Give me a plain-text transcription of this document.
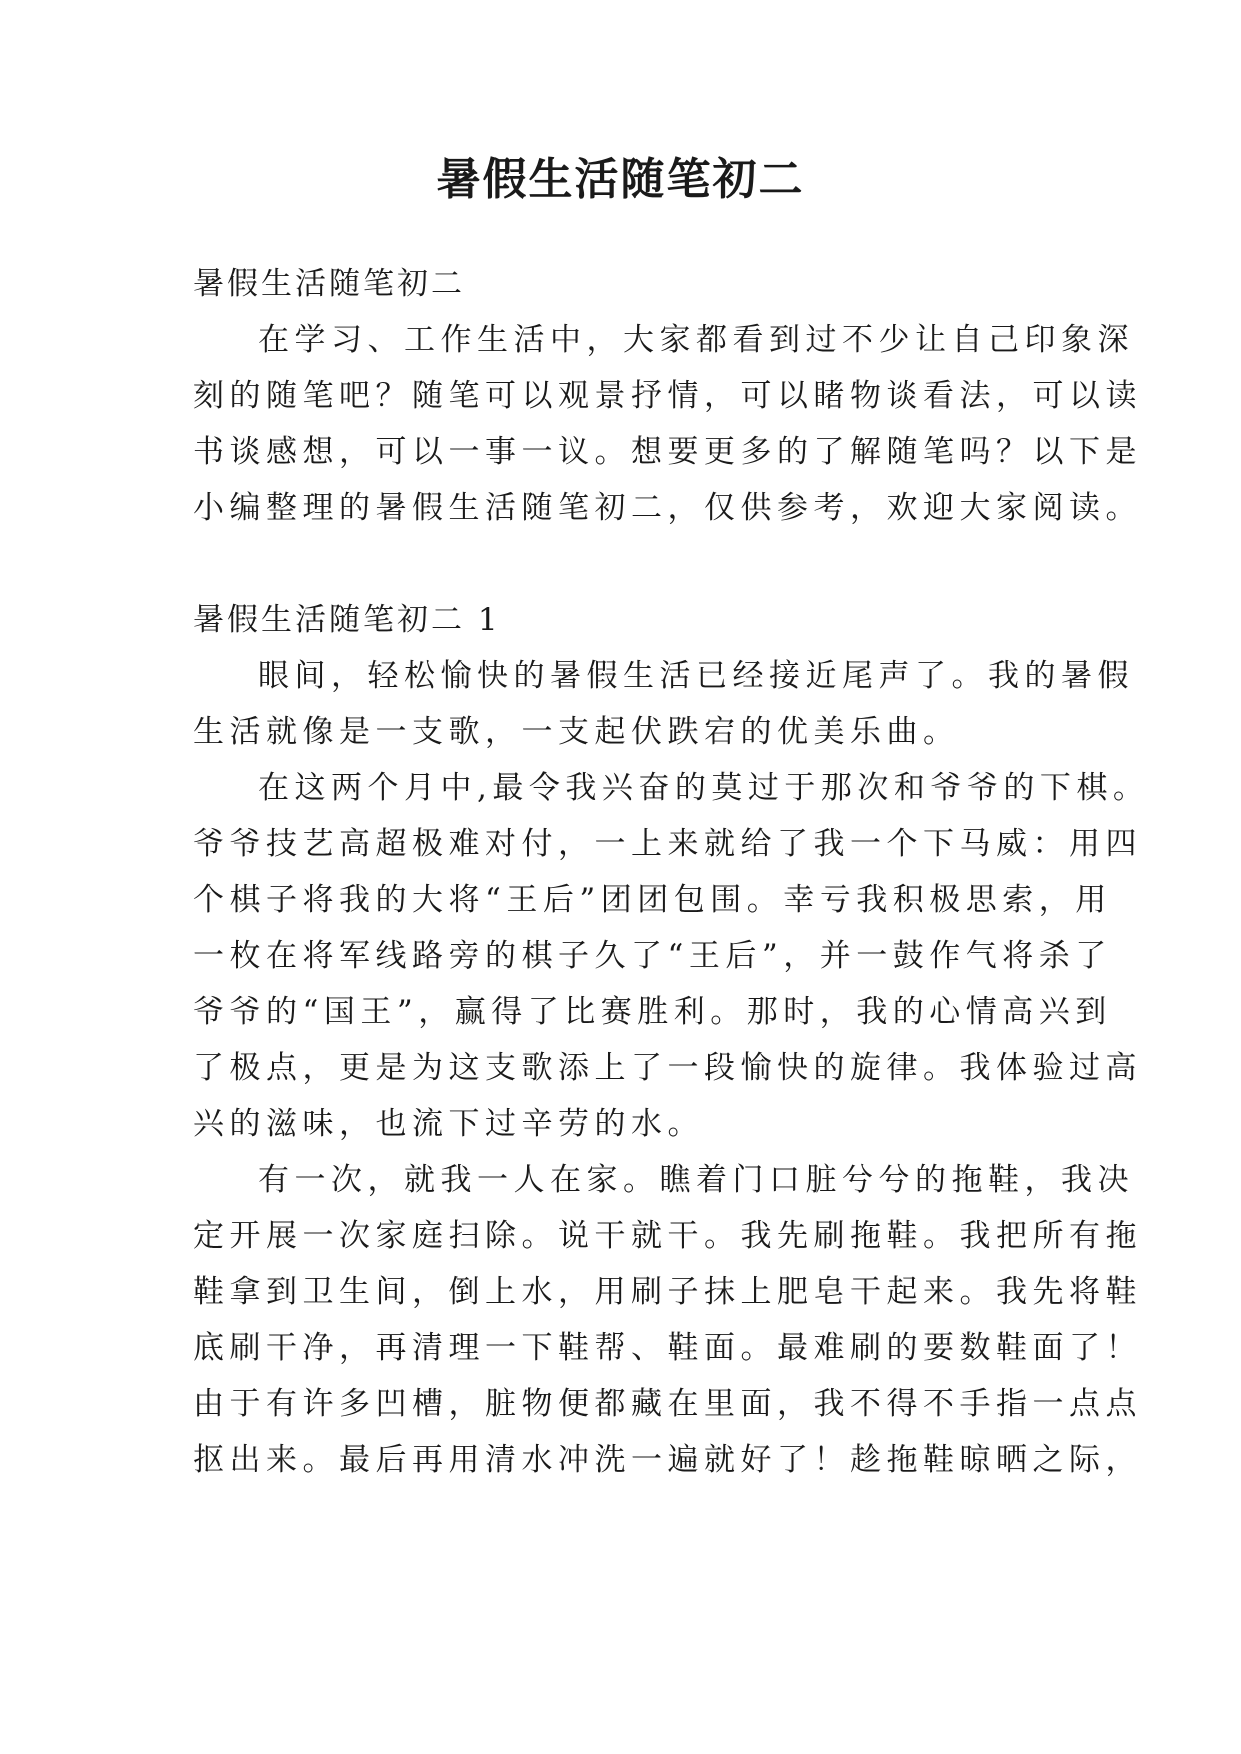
暑假生活随笔初二

暑假生活随笔初二

在学习、工作生活中，大家都看到过不少让自己印象深

刻的随笔吧？随笔可以观景抒情，可以睹物谈看法，可以读

书谈感想，可以一事一议。想要更多的了解随笔吗？以下是

小编整理的暑假生活随笔初二，仅供参考，欢迎大家阅读。

暑假生活随笔初二 1

眼间，轻松愉快的暑假生活已经接近尾声了。我的暑假

生活就像是一支歌，一支起伏跌宕的优美乐曲。

在这两个月中,最令我兴奋的莫过于那次和爷爷的下棋。

爷爷技艺高超极难对付，一上来就给了我一个下马威：用四

个棋子将我的大将“王后”团团包围。幸亏我积极思索，用

一枚在将军线路旁的棋子久了“王后”，并一鼓作气将杀了

爷爷的“国王”，赢得了比赛胜利。那时，我的心情高兴到

了极点，更是为这支歌添上了一段愉快的旋律。我体验过高

兴的滋味，也流下过辛劳的水。

有一次，就我一人在家。瞧着门口脏兮兮的拖鞋，我决

定开展一次家庭扫除。说干就干。我先刷拖鞋。我把所有拖

鞋拿到卫生间，倒上水，用刷子抹上肥皂干起来。我先将鞋

底刷干净，再清理一下鞋帮、鞋面。最难刷的要数鞋面了！

由于有许多凹槽，脏物便都藏在里面，我不得不手指一点点

抠出来。最后再用清水冲洗一遍就好了！趁拖鞋晾晒之际，
